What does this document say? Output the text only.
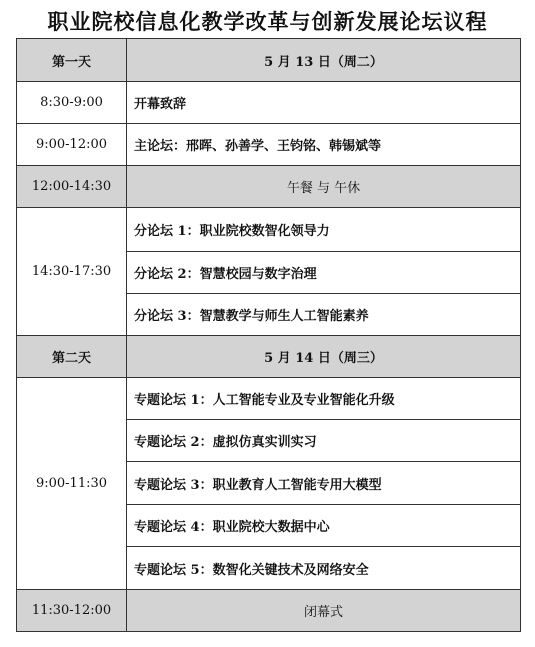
职业院校信息化教学改革与创新发展论坛议程
第一天	5 月 13 日（周二）
8:30-9:00	开幕致辞
9:00-12:00	主论坛：邢晖、孙善学、王钧铭、韩锡斌等
12:00-14:30	午餐 与 午休
14:30-17:30	分论坛 1：职业院校数智化领导力
	分论坛 2：智慧校园与数字治理
	分论坛 3：智慧教学与师生人工智能素养
第二天	5 月 14 日（周三）
9:00-11:30	专题论坛 1：人工智能专业及专业智能化升级
	专题论坛 2：虚拟仿真实训实习
	专题论坛 3：职业教育人工智能专用大模型
	专题论坛 4：职业院校大数据中心
	专题论坛 5：数智化关键技术及网络安全
11:30-12:00	闭幕式
